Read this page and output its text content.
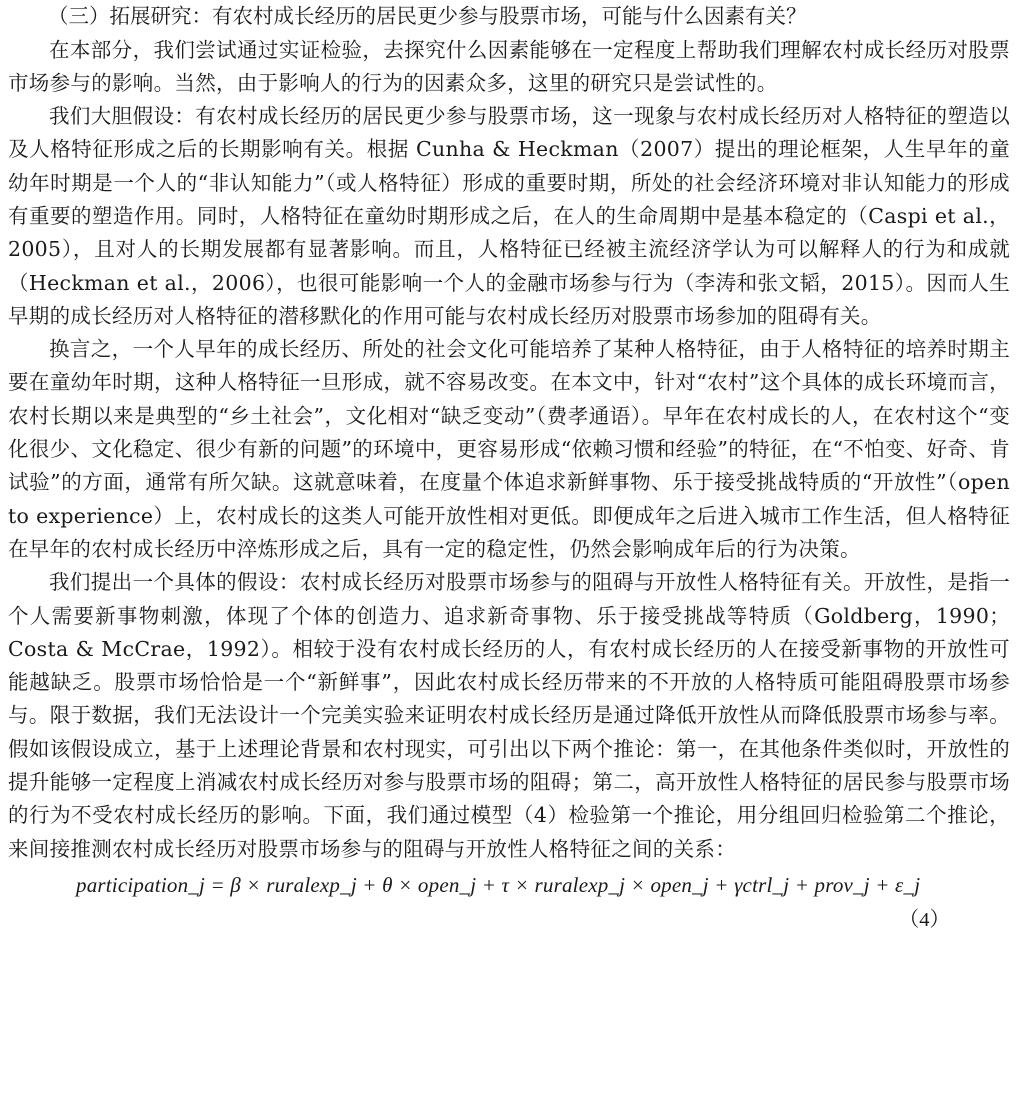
（三）拓展研究：有农村成长经历的居民更少参与股票市场，可能与什么因素有关？

在本部分，我们尝试通过实证检验，去探究什么因素能够在一定程度上帮助我们理解农村成长经历对股票市场参与的影响。当然，由于影响人的行为的因素众多，这里的研究只是尝试性的。

我们大胆假设：有农村成长经历的居民更少参与股票市场，这一现象与农村成长经历对人格特征的塑造以及人格特征形成之后的长期影响有关。根据 Cunha & Heckman（2007）提出的理论框架，人生早年的童幼年时期是一个人的“非认知能力”（或人格特征）形成的重要时期，所处的社会经济环境对非认知能力的形成有重要的塑造作用。同时，人格特征在童幼时期形成之后，在人的生命周期中是基本稳定的（Caspi et al.，2005），且对人的长期发展都有显著影响。而且，人格特征已经被主流经济学认为可以解释人的行为和成就（Heckman et al.，2006），也很可能影响一个人的金融市场参与行为（李涛和张文韬，2015）。因而人生早期的成长经历对人格特征的潜移默化的作用可能与农村成长经历对股票市场参加的阻碍有关。

换言之，一个人早年的成长经历、所处的社会文化可能培养了某种人格特征，由于人格特征的培养时期主要在童幼年时期，这种人格特征一旦形成，就不容易改变。在本文中，针对“农村”这个具体的成长环境而言，农村长期以来是典型的“乡土社会”，文化相对“缺乏变动”（费孝通语）。早年在农村成长的人，在农村这个“变化很少、文化稳定、很少有新的问题”的环境中，更容易形成“依赖习惯和经验”的特征，在“不怕变、好奇、肯试验”的方面，通常有所欠缺。这就意味着，在度量个体追求新鲜事物、乐于接受挑战特质的“开放性”（open to experience）上，农村成长的这类人可能开放性相对更低。即便成年之后进入城市工作生活，但人格特征在早年的农村成长经历中淬炼形成之后，具有一定的稳定性，仍然会影响成年后的行为决策。

我们提出一个具体的假设：农村成长经历对股票市场参与的阻碍与开放性人格特征有关。开放性，是指一个人需要新事物刺激，体现了个体的创造力、追求新奇事物、乐于接受挑战等特质（Goldberg，1990；Costa & McCrae，1992）。相较于没有农村成长经历的人，有农村成长经历的人在接受新事物的开放性可能越缺乏。股票市场恰恰是一个“新鲜事”，因此农村成长经历带来的不开放的人格特质可能阻碍股票市场参与。限于数据，我们无法设计一个完美实验来证明农村成长经历是通过降低开放性从而降低股票市场参与率。假如该假设成立，基于上述理论背景和农村现实，可引出以下两个推论：第一，在其他条件类似时，开放性的提升能够一定程度上消减农村成长经历对参与股票市场的阻碍；第二，高开放性人格特征的居民参与股票市场的行为不受农村成长经历的影响。下面，我们通过模型（4）检验第一个推论，用分组回归检验第二个推论，来间接推测农村成长经历对股票市场参与的阻碍与开放性人格特征之间的关系：

participation_j = β × ruralexp_j + θ × open_j + τ × ruralexp_j × open_j + γctrl_j + prov_j + ε_j
（4）
